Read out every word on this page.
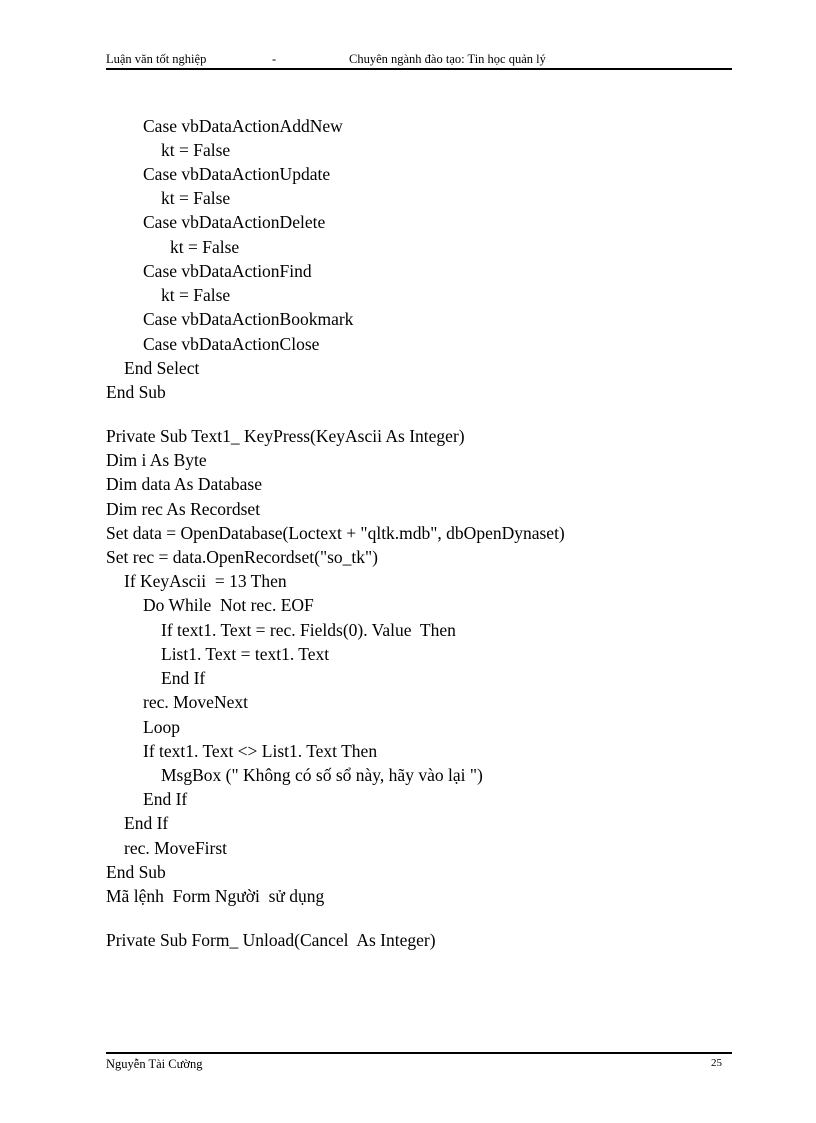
Luận văn tốt nghiệp	-	Chuyên ngành đào tạo: Tin học quản lý
Case vbDataActionAddNew
kt = False
Case vbDataActionUpdate
kt = False
Case vbDataActionDelete
kt = False
Case vbDataActionFind
kt = False
Case vbDataActionBookmark
Case vbDataActionClose
End Select
End Sub
Private Sub Text1_ KeyPress(KeyAscii As Integer)
Dim i As Byte
Dim data As Database
Dim rec As Recordset
Set data = OpenDatabase(Loctext + "qltk.mdb", dbOpenDynaset)
Set rec = data.OpenRecordset("so_tk")
If KeyAscii  = 13 Then
Do While  Not rec. EOF
If text1. Text = rec. Fields(0). Value  Then
List1. Text = text1. Text
End If
rec. MoveNext
Loop
If text1. Text <> List1. Text Then
MsgBox (" Không có số sổ này, hãy vào lại ")
End If
End If
rec. MoveFirst
End Sub
Mã lệnh  Form Người  sử dụng
Private Sub Form_ Unload(Cancel  As Integer)
Nguyễn Tài Cường	25
